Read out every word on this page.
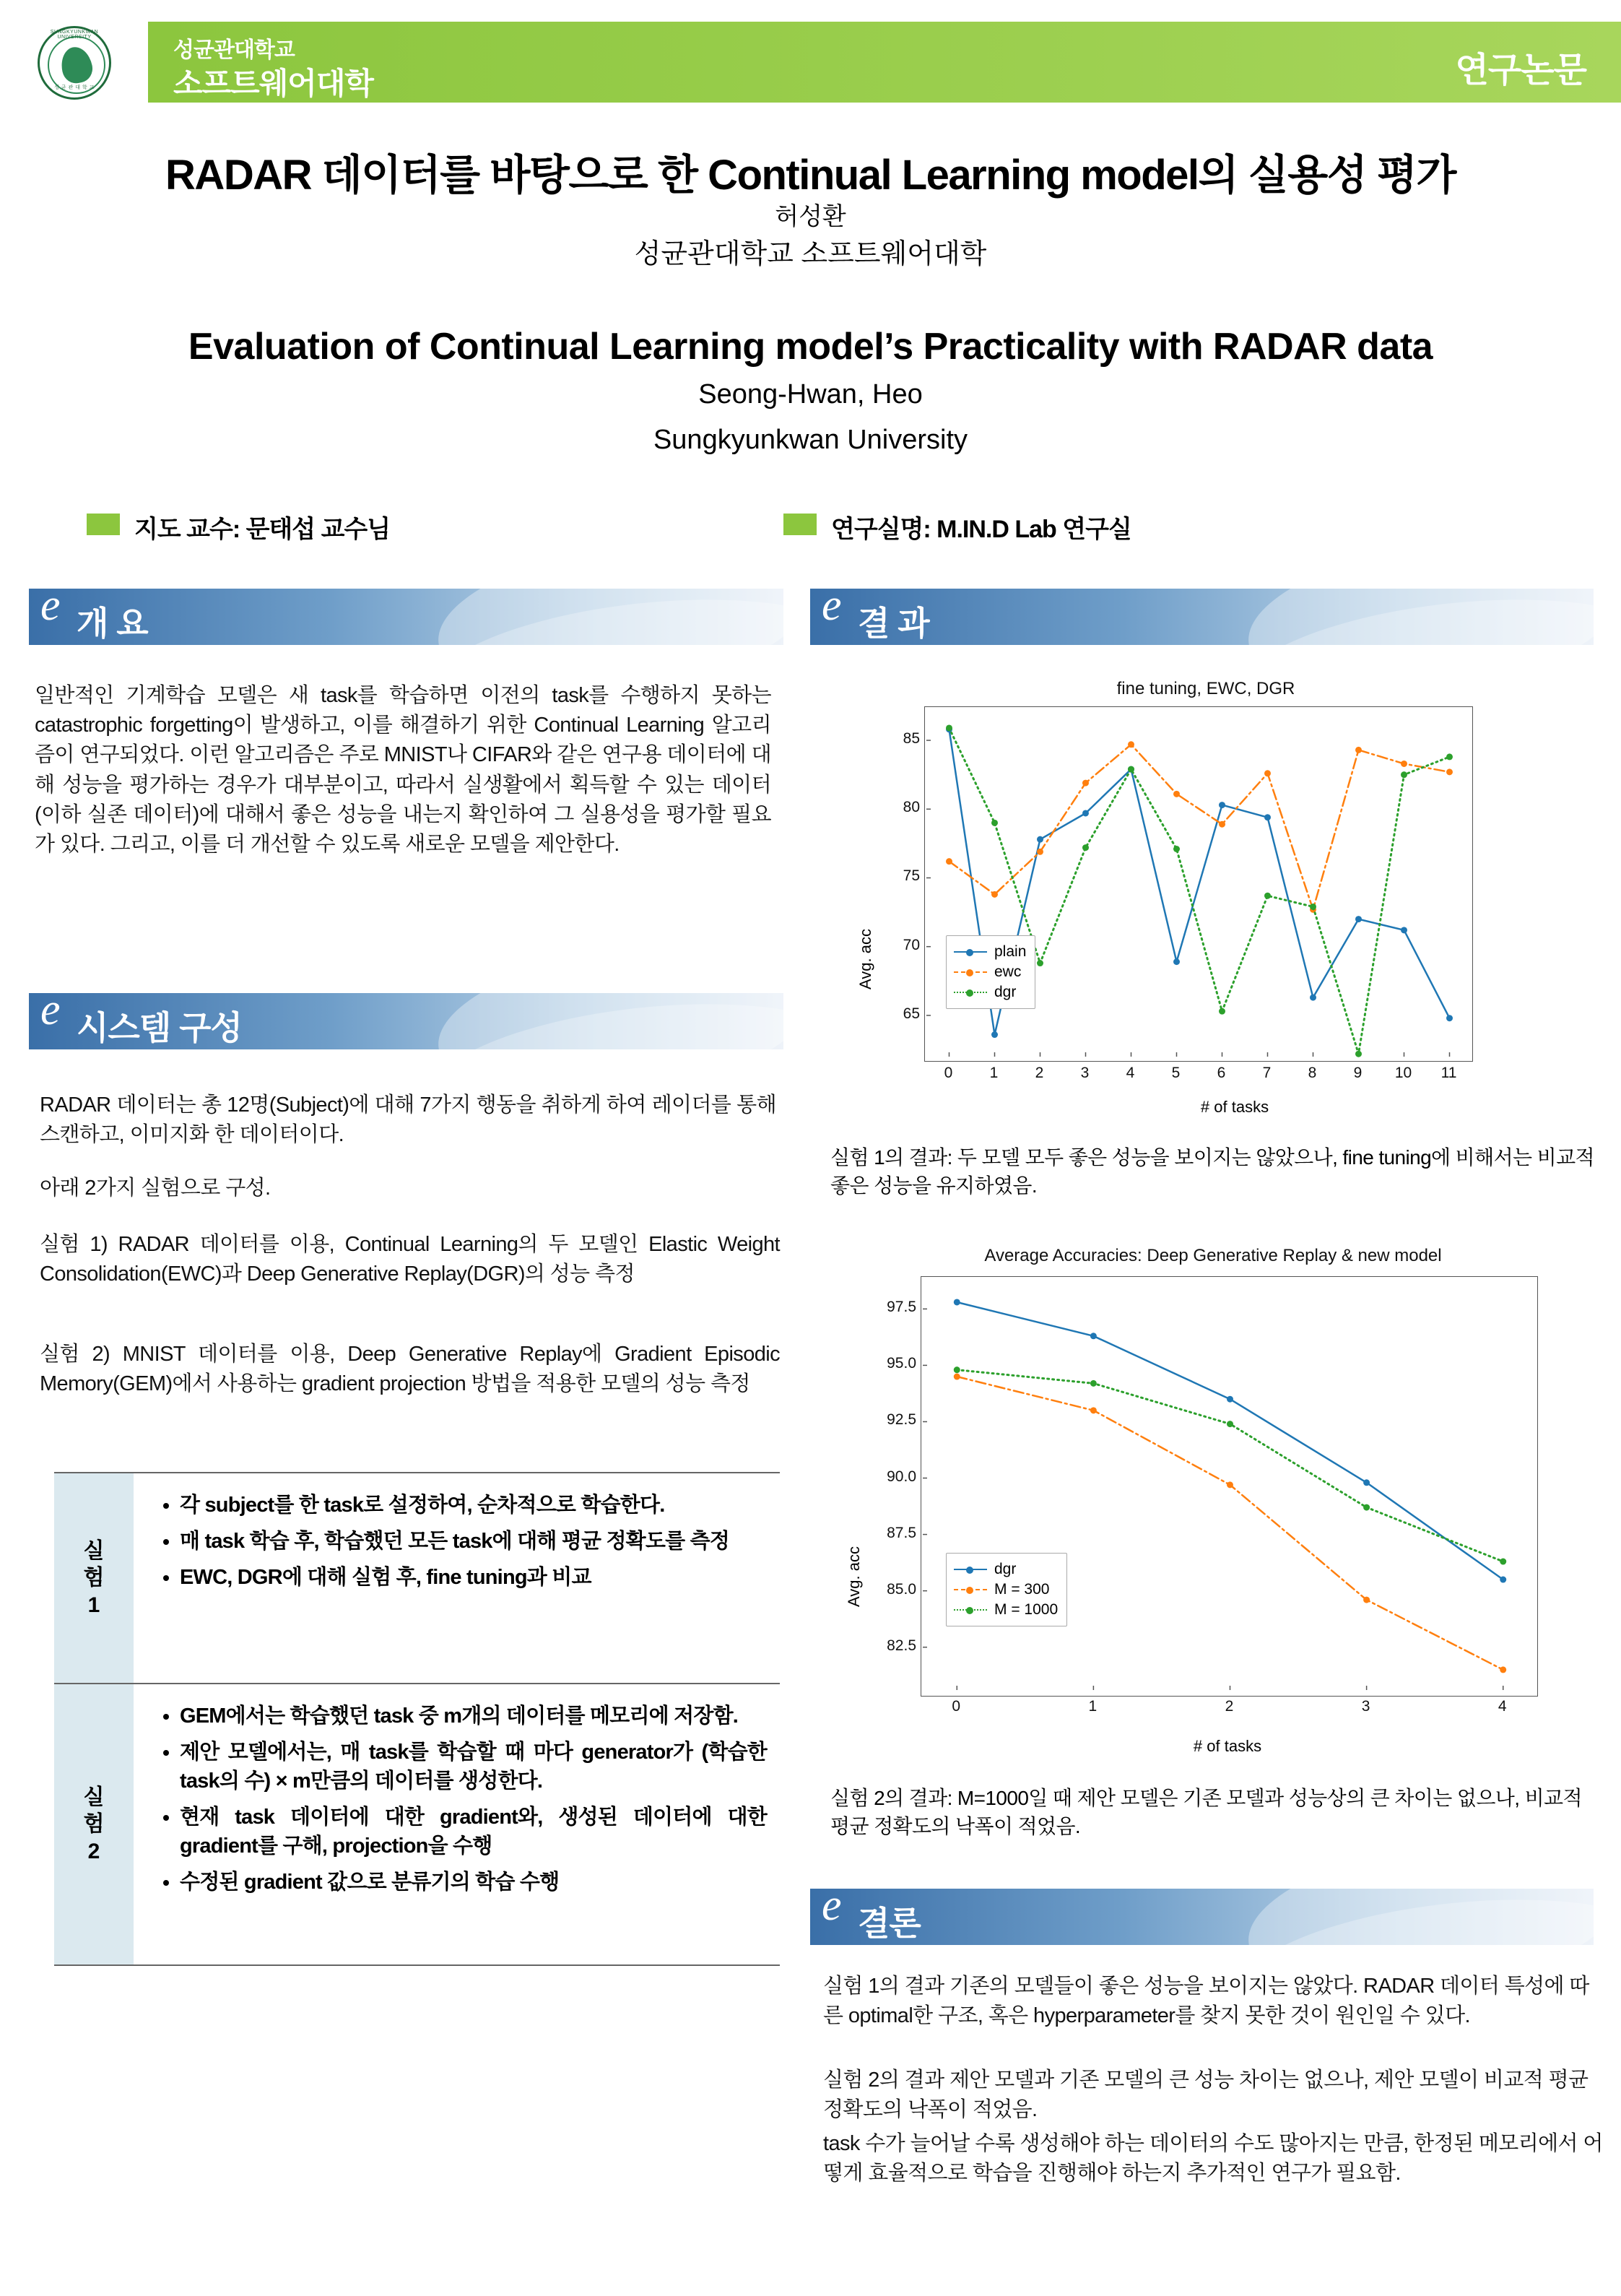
SUNGKYUNKWAN UNIVERSITY
성 균 관 대 학 교
성균관대학교
소프트웨어대학	연구논문
RADAR 데이터를 바탕으로 한 Continual Learning model의 실용성 평가
허성환
성균관대학교 소프트웨어대학
Evaluation of Continual Learning model’s Practicality with RADAR data
Seong-Hwan, Heo
Sungkyunkwan University
지도 교수: 문태섭 교수님	연구실명: M.IN.D Lab 연구실
e 개 요
일반적인 기계학습 모델은 새 task를 학습하면 이전의 task를 수행하지 못하는 catastrophic forgetting이 발생하고, 이를 해결하기 위한 Continual Learning 알고리즘이 연구되었다. 이런 알고리즘은 주로 MNIST나 CIFAR와 같은 연구용 데이터에 대해 성능을 평가하는 경우가 대부분이고, 따라서 실생활에서 획득할 수 있는 데이터(이하 실존 데이터)에 대해서 좋은 성능을 내는지 확인하여 그 실용성을 평가할 필요가 있다. 그리고, 이를 더 개선할 수 있도록 새로운 모델을 제안한다.
e 시스템 구성
RADAR 데이터는 총 12명(Subject)에 대해 7가지 행동을 취하게 하여 레이더를 통해 스캔하고, 이미지화 한 데이터이다.
아래 2가지 실험으로 구성.
실험 1) RADAR 데이터를 이용, Continual Learning의 두 모델인 Elastic Weight Consolidation(EWC)과 Deep Generative Replay(DGR)의 성능 측정
실험 2) MNIST 데이터를 이용, Deep Generative Replay에 Gradient Episodic Memory(GEM)에서 사용하는 gradient projection 방법을 적용한 모델의 성능 측정
실
험
1
• 각 subject를 한 task로 설정하여, 순차적으로 학습한다.
• 매 task 학습 후, 학습했던 모든 task에 대해 평균 정확도를 측정
• EWC, DGR에 대해 실험 후, fine tuning과 비교
실
험
2
• GEM에서는 학습했던 task 중 m개의 데이터를 메모리에 저장함.
• 제안 모델에서는, 매 task를 학습할 때 마다 generator가 (학습한 task의 수) × m만큼의 데이터를 생성한다.
• 현재 task 데이터에 대한 gradient와, 생성된 데이터에 대한 gradient를 구해, projection을 수행
• 수정된 gradient 값으로 분류기의 학습 수행
e 결 과
fine tuning, EWC, DGR
Avg. acc
# of tasks
0	1	2	3	4	5	6	7	8	9	10 11
65
70
75
80
85
plain
ewc
dgr
실험 1의 결과: 두 모델 모두 좋은 성능을 보이지는 않았으나, fine tuning에 비해서는 비교적 좋은 성능을 유지하였음.
Average Accuracies: Deep Generative Replay & new model
Avg. acc
# of tasks
0	1	2	3	4
82.5
85.0
87.5
90.0
92.5
95.0
97.5
dgr
M = 300
M = 1000
실험 2의 결과: M=1000일 때 제안 모델은 기존 모델과 성능상의 큰 차이는 없으나, 비교적 평균 정확도의 낙폭이 적었음.
e 결론
실험 1의 결과 기존의 모델들이 좋은 성능을 보이지는 않았다. RADAR 데이터 특성에 따른 optimal한 구조, 혹은 hyperparameter를 찾지 못한 것이 원인일 수 있다.
실험 2의 결과 제안 모델과 기존 모델의 큰 성능 차이는 없으나, 제안 모델이 비교적 평균 정확도의 낙폭이 적었음.
task 수가 늘어날 수록 생성해야 하는 데이터의 수도 많아지는 만큼, 한정된 메모리에서 어떻게 효율적으로 학습을 진행해야 하는지 추가적인 연구가 필요함.
